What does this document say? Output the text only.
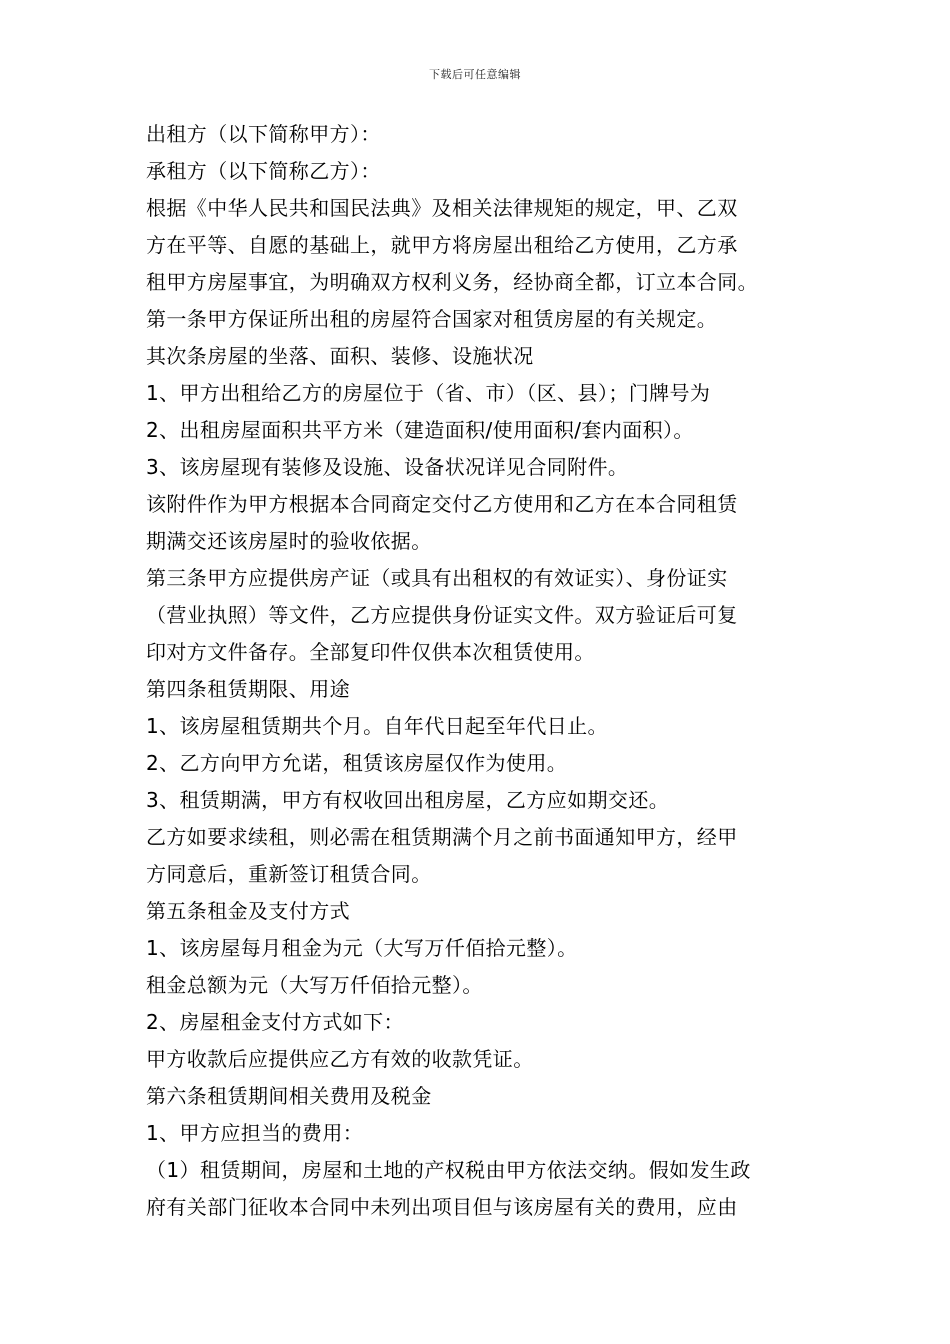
下载后可任意编辑
出租方（以下简称甲方）：
承租方（以下简称乙方）：
根据《中华人民共和国民法典》及相关法律规矩的规定，甲、乙双
方在平等、自愿的基础上，就甲方将房屋出租给乙方使用，乙方承
租甲方房屋事宜，为明确双方权利义务，经协商全都，订立本合同。
第一条甲方保证所出租的房屋符合国家对租赁房屋的有关规定。
其次条房屋的坐落、面积、装修、设施状况
1、甲方出租给乙方的房屋位于（省、市）（区、县）；门牌号为
2、出租房屋面积共平方米（建造面积/使用面积/套内面积）。
3、该房屋现有装修及设施、设备状况详见合同附件。
该附件作为甲方根据本合同商定交付乙方使用和乙方在本合同租赁
期满交还该房屋时的验收依据。
第三条甲方应提供房产证（或具有出租权的有效证实）、身份证实
（营业执照）等文件，乙方应提供身份证实文件。双方验证后可复
印对方文件备存。全部复印件仅供本次租赁使用。
第四条租赁期限、用途
1、该房屋租赁期共个月。自年代日起至年代日止。
2、乙方向甲方允诺，租赁该房屋仅作为使用。
3、租赁期满，甲方有权收回出租房屋，乙方应如期交还。
乙方如要求续租，则必需在租赁期满个月之前书面通知甲方，经甲
方同意后，重新签订租赁合同。
第五条租金及支付方式
1、该房屋每月租金为元（大写万仟佰拾元整）。
租金总额为元（大写万仟佰拾元整）。
2、房屋租金支付方式如下：
甲方收款后应提供应乙方有效的收款凭证。
第六条租赁期间相关费用及税金
1、甲方应担当的费用：
（1）租赁期间，房屋和土地的产权税由甲方依法交纳。假如发生政
府有关部门征收本合同中未列出项目但与该房屋有关的费用，应由
